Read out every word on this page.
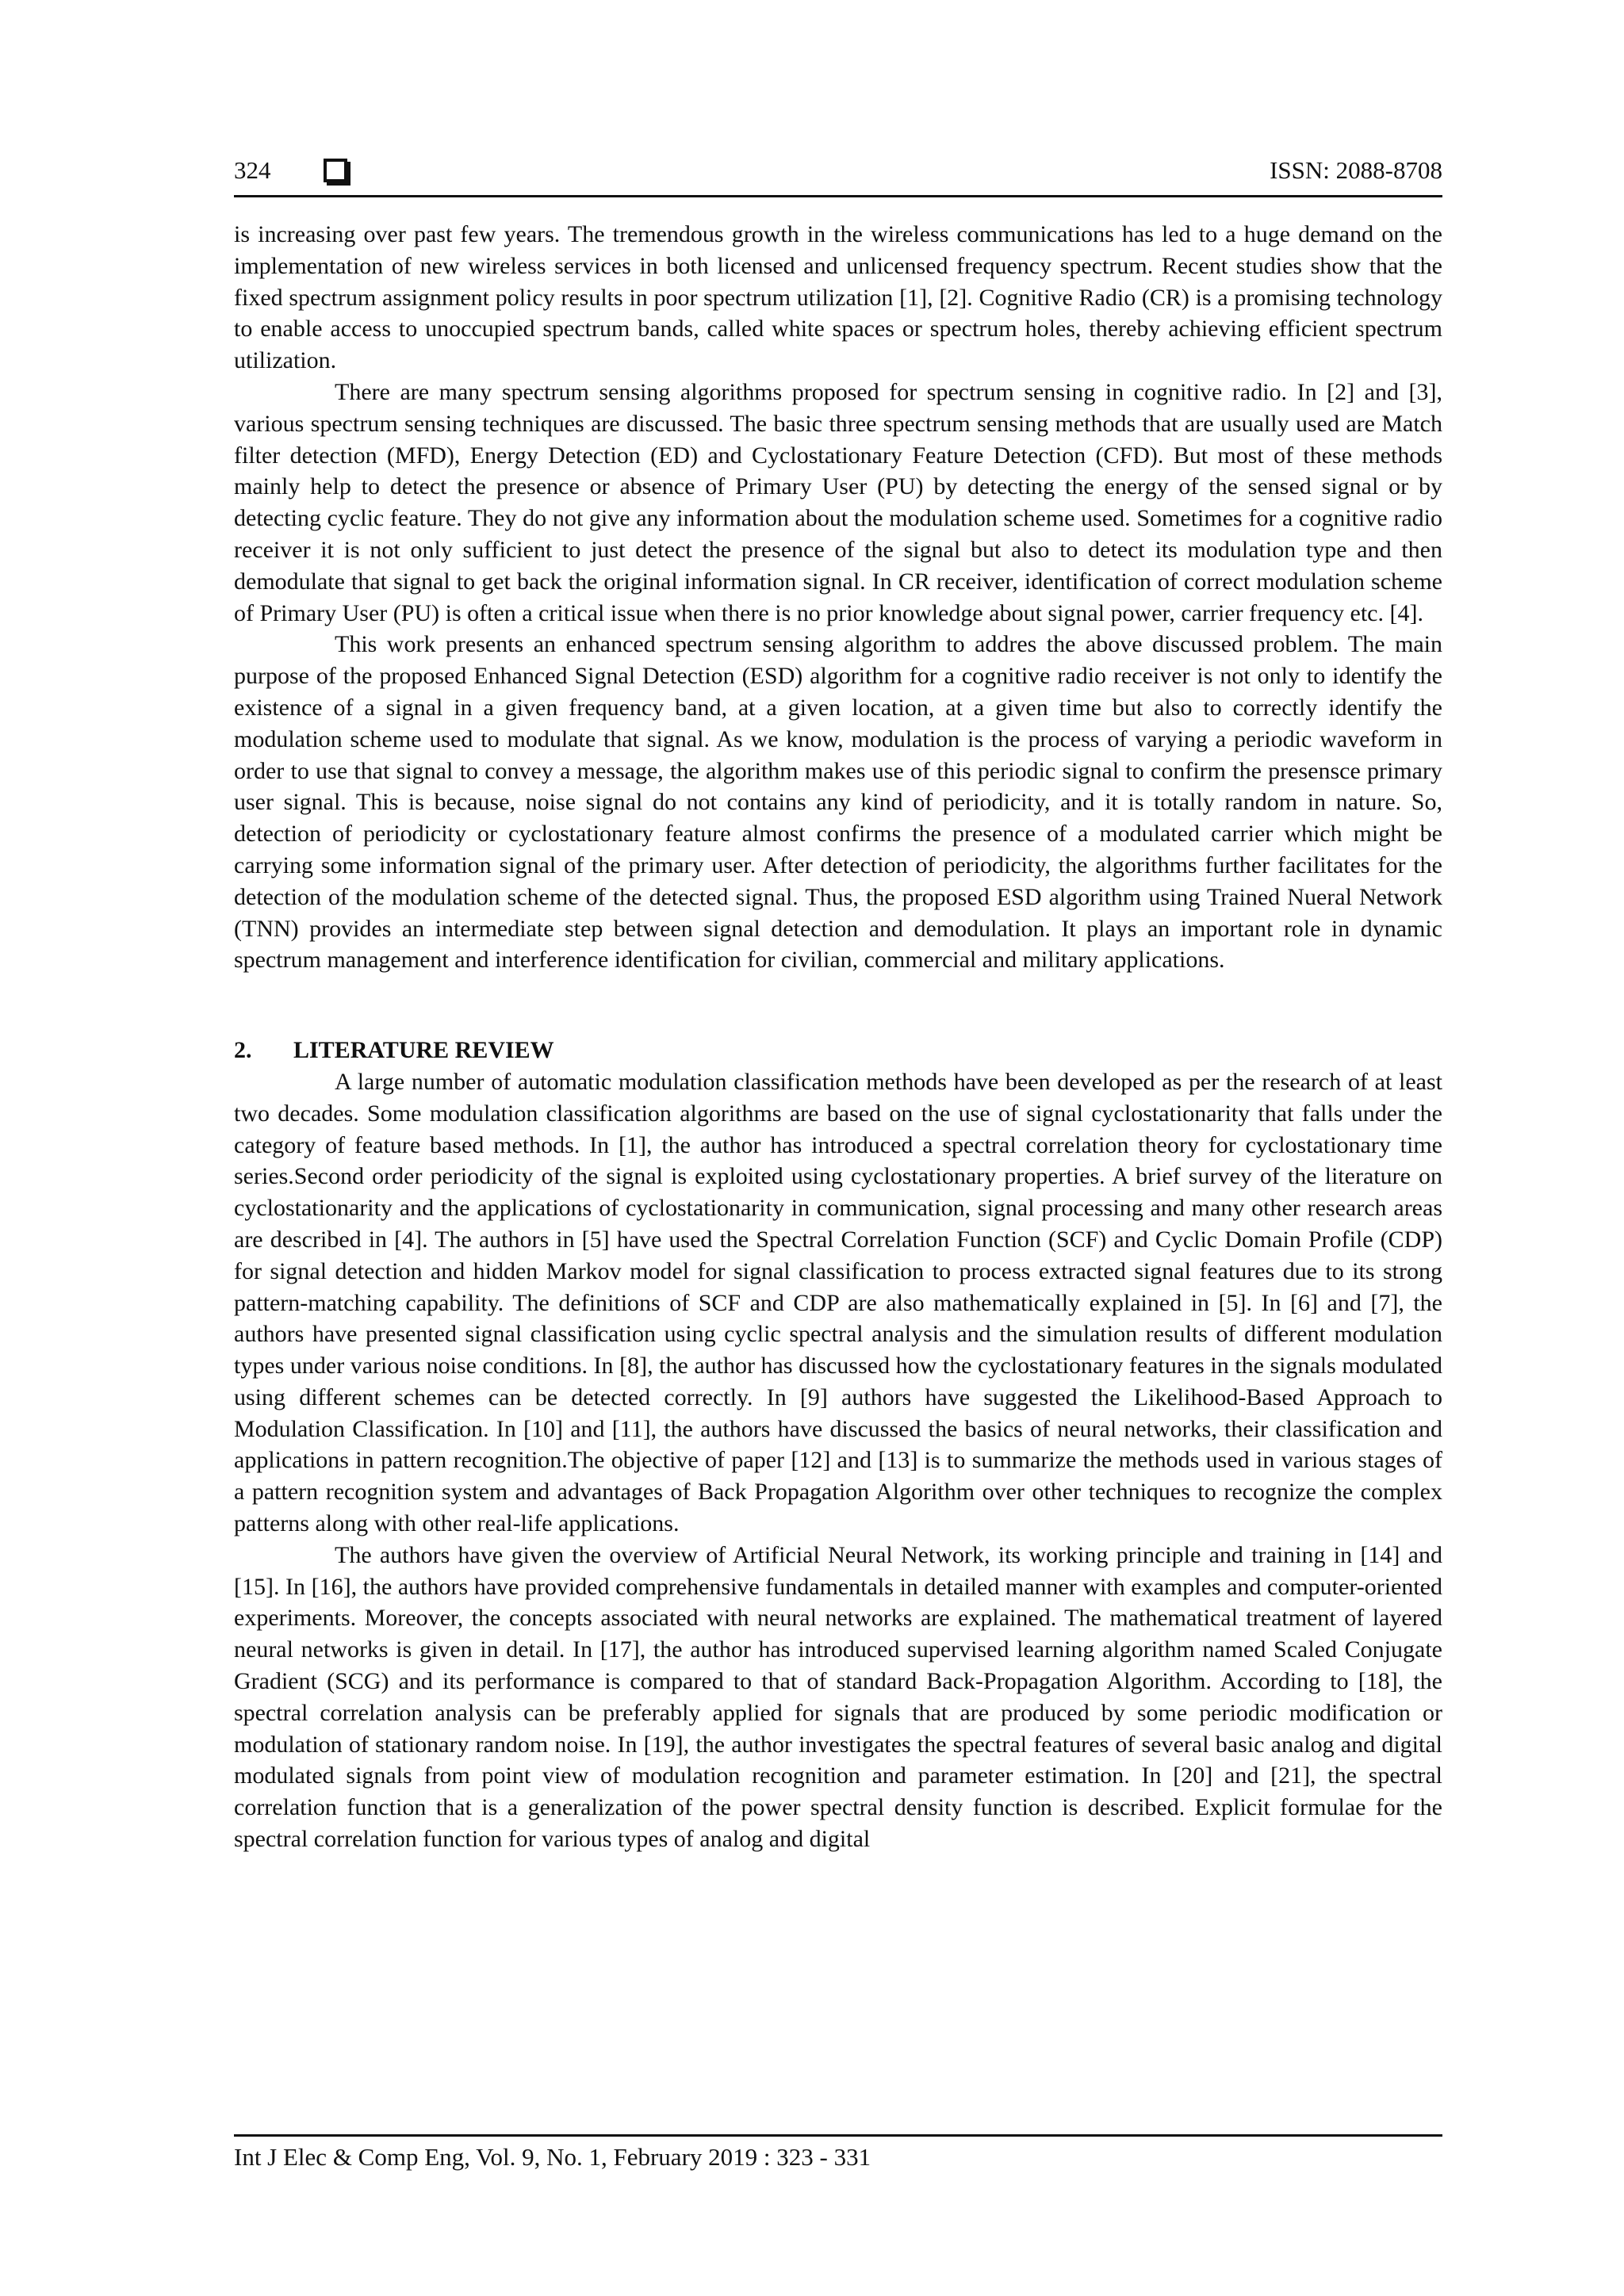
324	ISSN: 2088-8708

is increasing over past few years. The tremendous growth in the wireless communications has led to a huge demand on the implementation of new wireless services in both licensed and unlicensed frequency spectrum. Recent studies show that the fixed spectrum assignment policy results in poor spectrum utilization [1], [2]. Cognitive Radio (CR) is a promising technology to enable access to unoccupied spectrum bands, called white spaces or spectrum holes, thereby achieving efficient spectrum utilization.

There are many spectrum sensing algorithms proposed for spectrum sensing in cognitive radio. In [2] and [3], various spectrum sensing techniques are discussed. The basic three spectrum sensing methods that are usually used are Match filter detection (MFD), Energy Detection (ED) and Cyclostationary Feature Detection (CFD). But most of these methods mainly help to detect the presence or absence of Primary User (PU) by detecting the energy of the sensed signal or by detecting cyclic feature. They do not give any information about the modulation scheme used. Sometimes for a cognitive radio receiver it is not only sufficient to just detect the presence of the signal but also to detect its modulation type and then demodulate that signal to get back the original information signal. In CR receiver, identification of correct modulation scheme of Primary User (PU) is often a critical issue when there is no prior knowledge about signal power, carrier frequency etc. [4].

This work presents an enhanced spectrum sensing algorithm to addres the above discussed problem. The main purpose of the proposed Enhanced Signal Detection (ESD) algorithm for a cognitive radio receiver is not only to identify the existence of a signal in a given frequency band, at a given location, at a given time but also to correctly identify the modulation scheme used to modulate that signal. As we know, modulation is the process of varying a periodic waveform in order to use that signal to convey a message, the algorithm makes use of this periodic signal to confirm the presensce primary user signal. This is because, noise signal do not contains any kind of periodicity, and it is totally random in nature. So, detection of periodicity or cyclostationary feature almost confirms the presence of a modulated carrier which might be carrying some information signal of the primary user. After detection of periodicity, the algorithms further facilitates for the detection of the modulation scheme of the detected signal. Thus, the proposed ESD algorithm using Trained Nueral Network (TNN) provides an intermediate step between signal detection and demodulation. It plays an important role in dynamic spectrum management and interference identification for civilian, commercial and military applications.

2. LITERATURE REVIEW

A large number of automatic modulation classification methods have been developed as per the research of at least two decades. Some modulation classification algorithms are based on the use of signal cyclostationarity that falls under the category of feature based methods. In [1], the author has introduced a spectral correlation theory for cyclostationary time series.Second order periodicity of the signal is exploited using cyclostationary properties. A brief survey of the literature on cyclostationarity and the applications of cyclostationarity in communication, signal processing and many other research areas are described in [4]. The authors in [5] have used the Spectral Correlation Function (SCF) and Cyclic Domain Profile (CDP) for signal detection and hidden Markov model for signal classification to process extracted signal features due to its strong pattern-matching capability. The definitions of SCF and CDP are also mathematically explained in [5]. In [6] and [7], the authors have presented signal classification using cyclic spectral analysis and the simulation results of different modulation types under various noise conditions. In [8], the author has discussed how the cyclostationary features in the signals modulated using different schemes can be detected correctly. In [9] authors have suggested the Likelihood-Based Approach to Modulation Classification. In [10] and [11], the authors have discussed the basics of neural networks, their classification and applications in pattern recognition.The objective of paper [12] and [13] is to summarize the methods used in various stages of a pattern recognition system and advantages of Back Propagation Algorithm over other techniques to recognize the complex patterns along with other real-life applications.

The authors have given the overview of Artificial Neural Network, its working principle and training in [14] and [15]. In [16], the authors have provided comprehensive fundamentals in detailed manner with examples and computer-oriented experiments. Moreover, the concepts associated with neural networks are explained. The mathematical treatment of layered neural networks is given in detail. In [17], the author has introduced supervised learning algorithm named Scaled Conjugate Gradient (SCG) and its performance is compared to that of standard Back-Propagation Algorithm. According to [18], the spectral correlation analysis can be preferably applied for signals that are produced by some periodic modification or modulation of stationary random noise. In [19], the author investigates the spectral features of several basic analog and digital modulated signals from point view of modulation recognition and parameter estimation. In [20] and [21], the spectral correlation function that is a generalization of the power spectral density function is described. Explicit formulae for the spectral correlation function for various types of analog and digital

Int J Elec & Comp Eng, Vol. 9, No. 1, February 2019 : 323 - 331
